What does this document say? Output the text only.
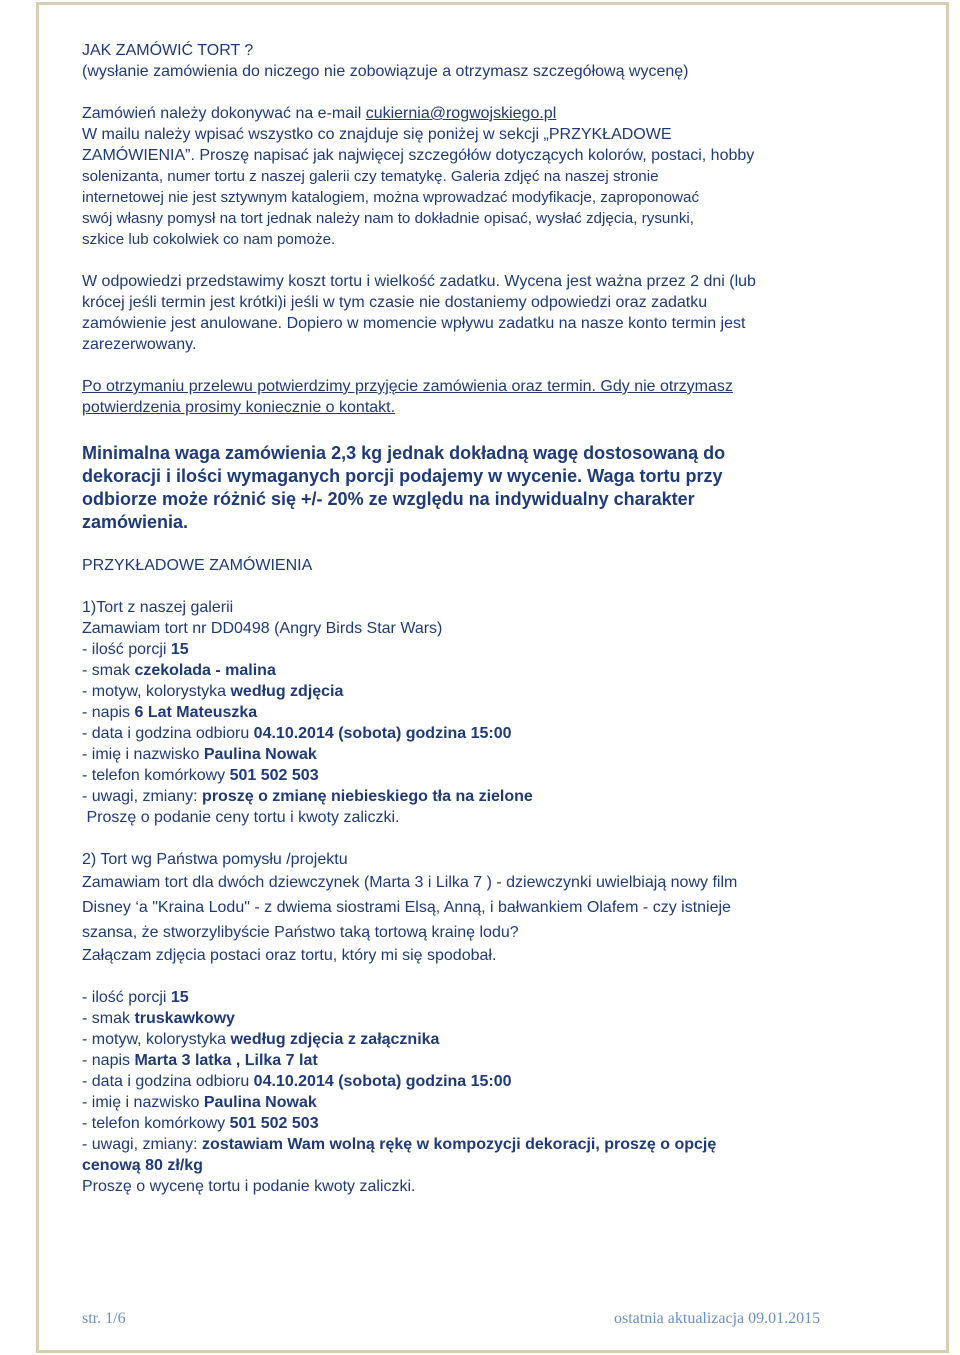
JAK ZAMÓWIĆ TORT ?

(wysłanie zamówienia do niczego nie zobowiązuje a otrzymasz szczegółową wycenę)

Zamówień należy dokonywać na e-mail cukiernia@rogwojskiego.pl

W mailu należy wpisać wszystko co znajduje się poniżej w sekcji „PRZYKŁADOWE

ZAMÓWIENIA”. Proszę napisać jak najwięcej szczegółów dotyczących kolorów, postaci, hobby

solenizanta, numer tortu z naszej galerii czy tematykę. Galeria zdjęć na naszej stronie

internetowej nie jest sztywnym katalogiem, można wprowadzać modyfikacje, zaproponować

swój własny pomysł na tort jednak należy nam to dokładnie opisać, wysłać zdjęcia, rysunki,

szkice lub cokolwiek co nam pomoże.

W odpowiedzi przedstawimy koszt tortu i wielkość zadatku. Wycena jest ważna przez 2 dni (lub

krócej jeśli termin jest krótki)i jeśli w tym czasie nie dostaniemy odpowiedzi oraz zadatku

zamówienie jest anulowane. Dopiero w momencie wpływu zadatku na nasze konto termin jest

zarezerwowany.

Po otrzymaniu przelewu potwierdzimy przyjęcie zamówienia oraz termin. Gdy nie otrzymasz

potwierdzenia prosimy koniecznie o kontakt.

Minimalna waga zamówienia 2,3 kg jednak dokładną wagę dostosowaną do

dekoracji i ilości wymaganych porcji podajemy w wycenie. Waga tortu przy

odbiorze może różnić się +/- 20% ze względu na indywidualny charakter

zamówienia.

PRZYKŁADOWE ZAMÓWIENIA

1)Tort z naszej galerii

Zamawiam tort nr DD0498 (Angry Birds Star Wars)

- ilość porcji 15

- smak czekolada - malina

- motyw, kolorystyka według zdjęcia

- napis 6 Lat Mateuszka

- data i godzina odbioru 04.10.2014 (sobota) godzina 15:00

- imię i nazwisko Paulina Nowak

- telefon komórkowy 501 502 503

- uwagi, zmiany: proszę o zmianę niebieskiego tła na zielone

Proszę o podanie ceny tortu i kwoty zaliczki.

2) Tort wg Państwa pomysłu /projektu

Zamawiam tort dla dwóch dziewczynek (Marta 3 i Lilka 7 ) - dziewczynki uwielbiają nowy film

Disney ‘a "Kraina Lodu" - z dwiema siostrami Elsą, Anną, i bałwankiem Olafem - czy istnieje

szansa, że stworzylibyście Państwo taką tortową krainę lodu?

Załączam zdjęcia postaci oraz tortu, który mi się spodobał.

- ilość porcji 15

- smak truskawkowy

- motyw, kolorystyka według zdjęcia z załącznika

- napis Marta 3 latka , Lilka 7 lat

- data i godzina odbioru 04.10.2014 (sobota) godzina 15:00

- imię i nazwisko Paulina Nowak

- telefon komórkowy 501 502 503

- uwagi, zmiany: zostawiam Wam wolną rękę w kompozycji dekoracji, proszę o opcję

cenową 80 zł/kg

Proszę o wycenę tortu i podanie kwoty zaliczki.

str. 1/6	ostatnia aktualizacja 09.01.2015
